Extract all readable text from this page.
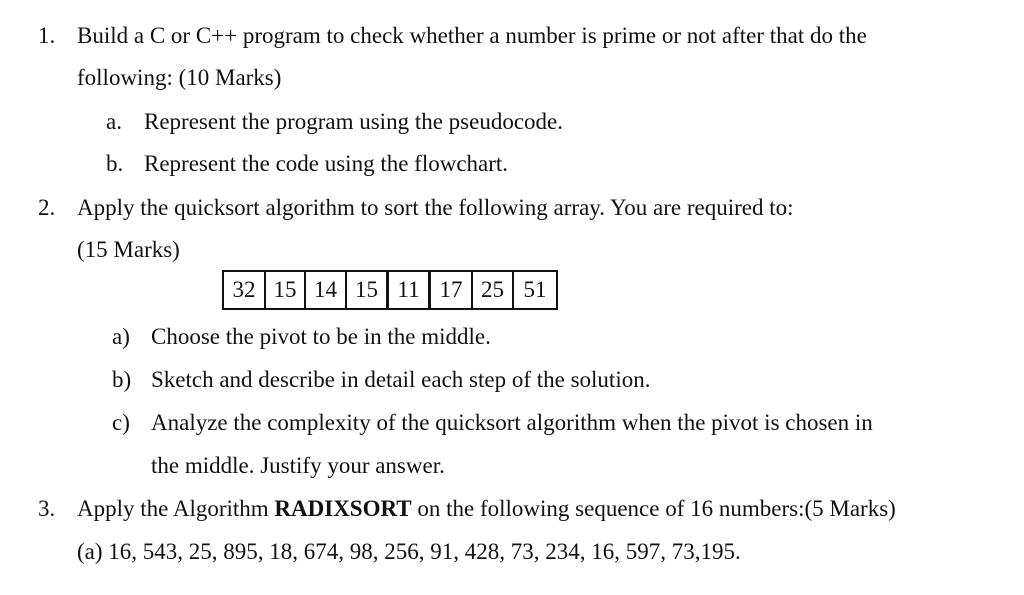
1. Build a C or C++ program to check whether a number is prime or not after that do the
following: (10 Marks)
a. Represent the program using the pseudocode.
b. Represent the code using the flowchart.
2. Apply the quicksort algorithm to sort the following array. You are required to:
(15 Marks)
32 15 14 15 11 17 25 51
a) Choose the pivot to be in the middle.
b) Sketch and describe in detail each step of the solution.
c) Analyze the complexity of the quicksort algorithm when the pivot is chosen in
the middle. Justify your answer.
3. Apply the Algorithm RADIXSORT on the following sequence of 16 numbers:(5 Marks)
(a) 16, 543, 25, 895, 18, 674, 98, 256, 91, 428, 73, 234, 16, 597, 73,195.
